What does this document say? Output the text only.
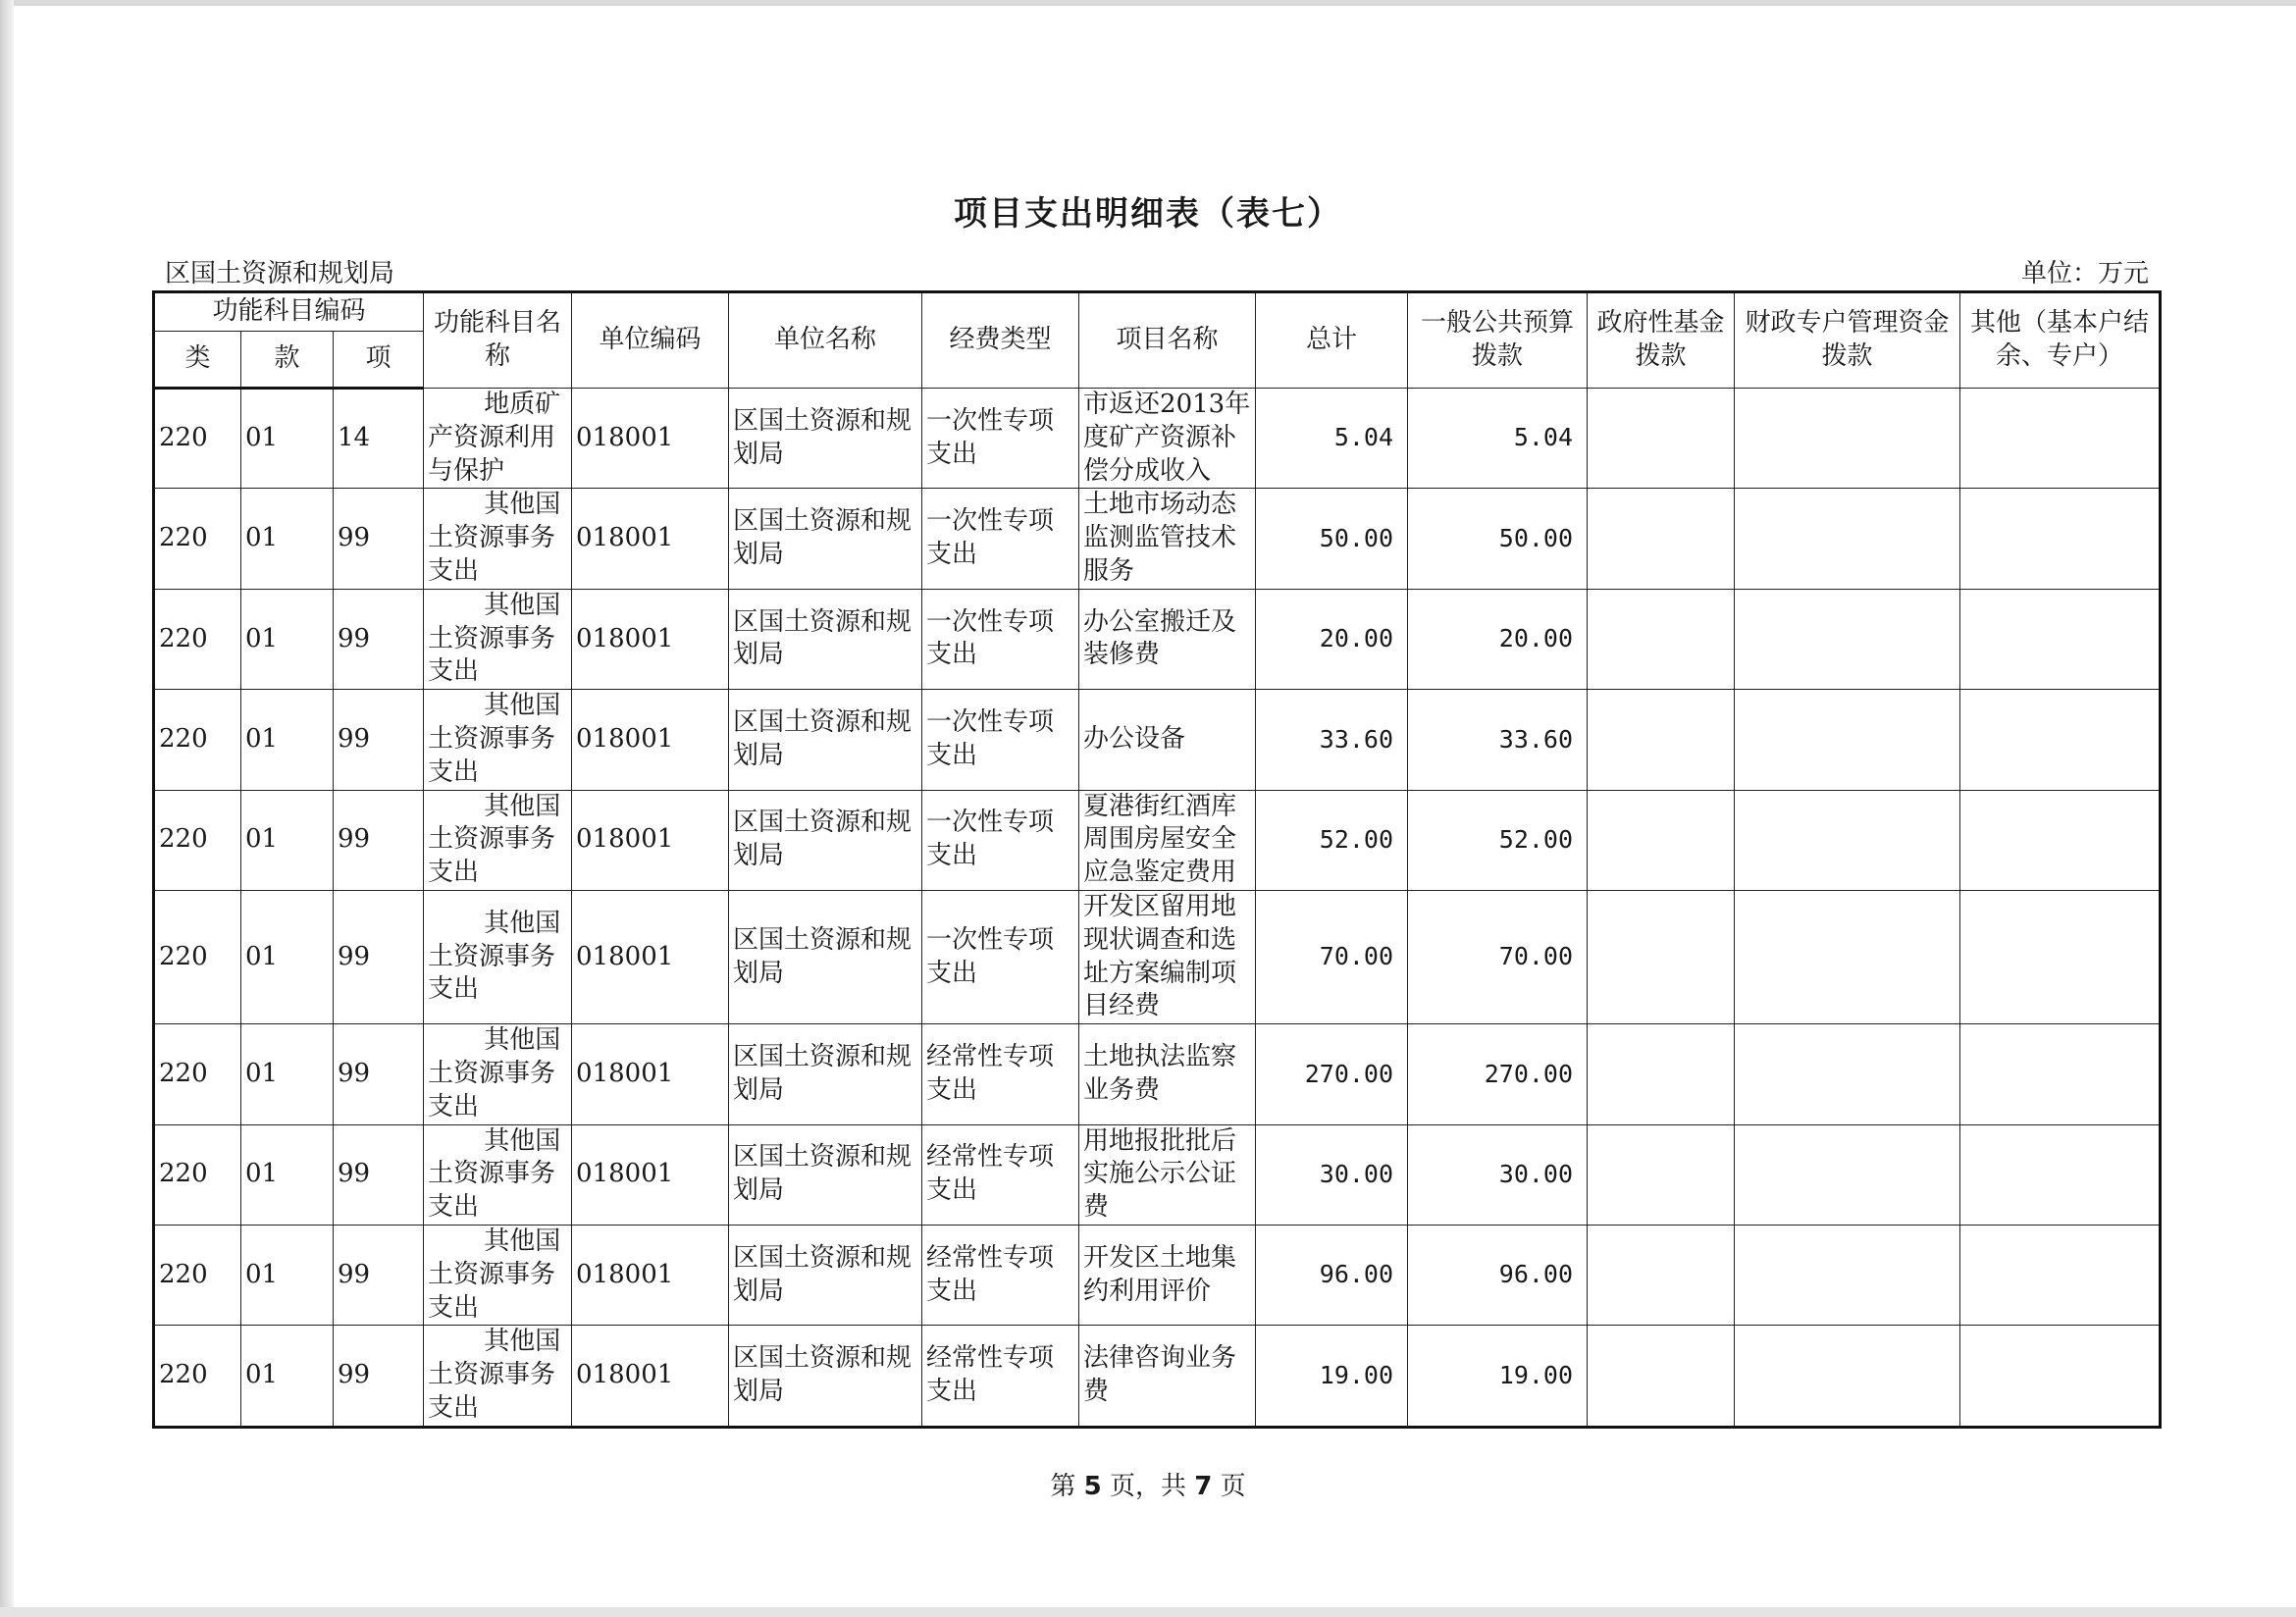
项目支出明细表（表七）
区国土资源和规划局	单位：万元
功能科目编码			功能科目名称	单位编码	单位名称	经费类型	项目名称	总计	一般公共预算拨款	政府性基金拨款	财政专户管理资金拨款	其他（基本户结余、专户）
类	款	项										
220	01	14	地质矿产资源利用与保护	018001	区国土资源和规划局	一次性专项支出	市返还2013年度矿产资源补偿分成收入	5.04	5.04			
220	01	99	其他国土资源事务支出	018001	区国土资源和规划局	一次性专项支出	土地市场动态监测监管技术服务	50.00	50.00			
220	01	99	其他国土资源事务支出	018001	区国土资源和规划局	一次性专项支出	办公室搬迁及装修费	20.00	20.00			
220	01	99	其他国土资源事务支出	018001	区国土资源和规划局	一次性专项支出	办公设备	33.60	33.60			
220	01	99	其他国土资源事务支出	018001	区国土资源和规划局	一次性专项支出	夏港街红酒库周围房屋安全应急鉴定费用	52.00	52.00			
220	01	99	其他国土资源事务支出	018001	区国土资源和规划局	一次性专项支出	开发区留用地现状调查和选址方案编制项目经费	70.00	70.00			
220	01	99	其他国土资源事务支出	018001	区国土资源和规划局	经常性专项支出	土地执法监察业务费	270.00	270.00			
220	01	99	其他国土资源事务支出	018001	区国土资源和规划局	经常性专项支出	用地报批批后实施公示公证费	30.00	30.00			
220	01	99	其他国土资源事务支出	018001	区国土资源和规划局	经常性专项支出	开发区土地集约利用评价	96.00	96.00			
220	01	99	其他国土资源事务支出	018001	区国土资源和规划局	经常性专项支出	法律咨询业务费	19.00	19.00			
第 5 页，共 7 页
